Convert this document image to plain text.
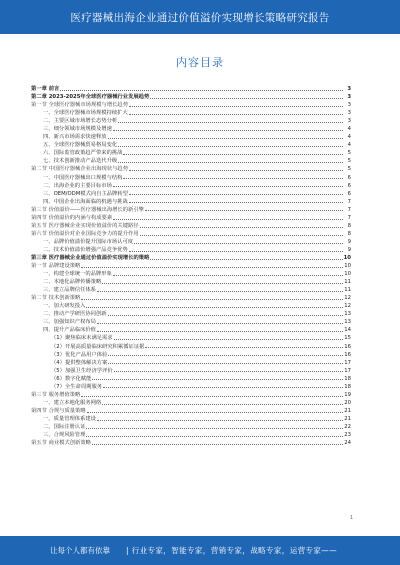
医疗器械出海企业通过价值溢价实现增长策略研究报告
内容目录
第一章 前言	3
第二章 2023-2025年全球医疗器械行业发展趋势	3
第一节 全球医疗器械市场规模与增长趋势	3
一、全球医疗器械市场规模持续扩大	3
二、主要区域市场增长态势分析	3
三、细分领域市场规模及增速	4
四、新兴市场需求快速释放	4
五、全球医疗器械贸易格局变化	4
六、国际监管政策趋严带来的挑战	5
七、技术创新推动产品迭代升级	5
第二节 中国医疗器械企业出海现状与趋势	5
一、中国医疗器械出口规模与结构	6
二、出海企业的主要目标市场	6
三、OEM/ODM模式向自主品牌转型	6
四、中国企业出海面临的机遇与挑战	7
第三节 价值溢价——医疗器械出海增长的新引擎	7
第四节 价值溢价的内涵与构成要素	7
第五节 医疗器械企业实现价值溢价的关键路径	8
第六节 价值溢价对企业国际竞争力的提升作用	8
一、品牌价值溢价提升国际市场认可度	9
二、技术价值溢价增强产品竞争优势	9
第三章 医疗器械企业通过价值溢价实现增长的策略	10
第一节 品牌建设策略	10
一、构建全球统一的品牌形象	10
二、本地化品牌传播策略	11
三、建立品牌信任体系	11
第二节 技术创新策略	12
一、加大研发投入	12
二、推动产学研医协同创新	13
三、加强知识产权布局	13
四、提升产品临床价值	14
（1）聚焦临床未满足需求	15
（2）开展高质量临床研究积累循证证据	16
（3）优化产品用户体验	16
（4）提供整体解决方案	17
（5）加强卫生经济学评价	17
（6）数字化赋能	18
（7）全生命周期服务	18
第三节 服务增值策略	19
一、建立本地化服务网络	20
第四节 合规与质量策略	21
一、质量管理体系建设	21
二、国际注册认证	22
三、合规风险管理	23
第五节 商业模式创新策略	24
1
让每个人都有依靠 | 行业专家，智能专家，营销专家，战略专家，运营专家——
